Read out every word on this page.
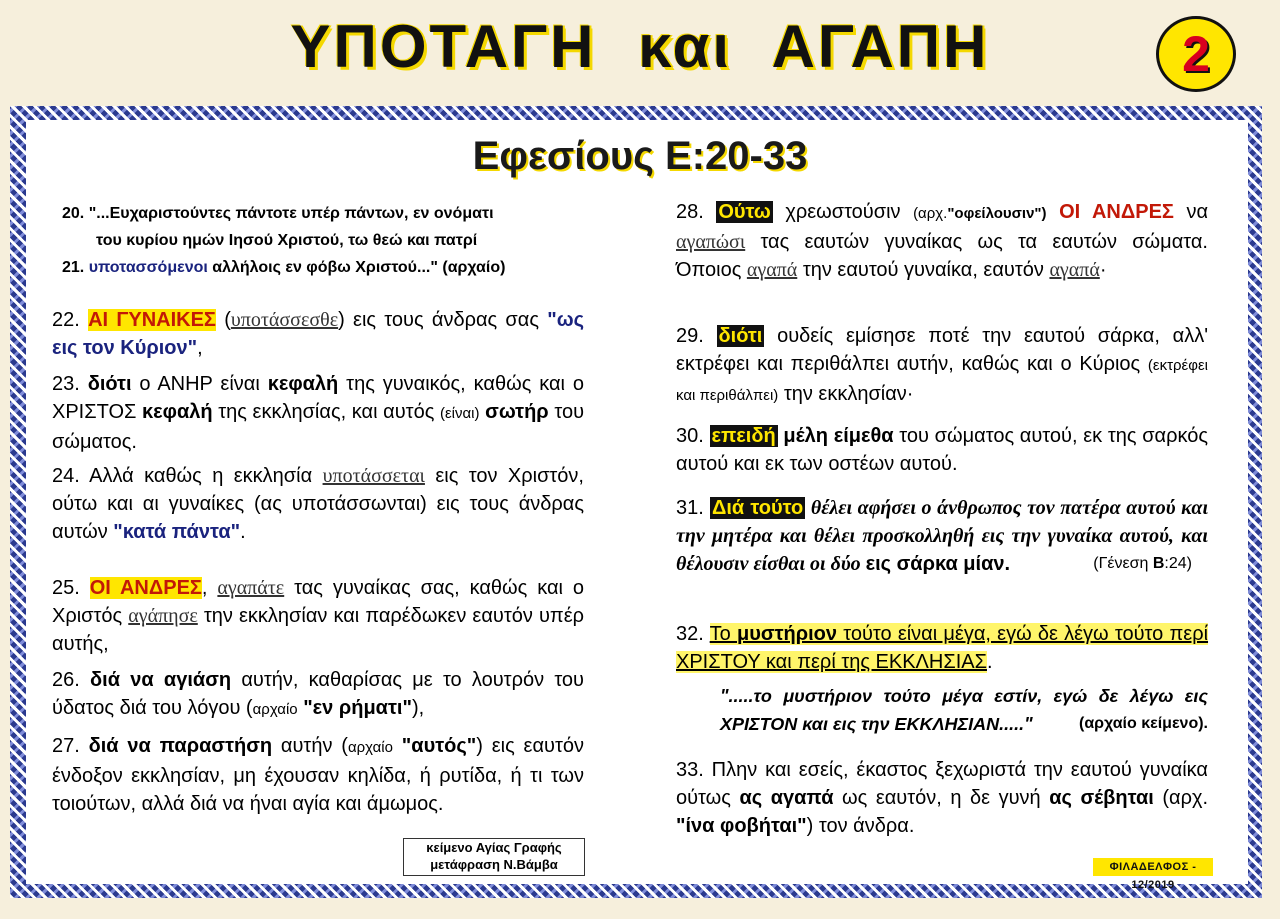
ΥΠΟΤΑΓΗ και ΑΓΑΠΗ	2
Εφεσίους Ε:20-33
20. "...Ευχαριστούντες πάντοτε υπέρ πάντων, εν ονόματι
του κυρίου ημών Ιησού Χριστού, τω θεώ και πατρί
21. υποτασσόμενοι αλλήλοις εν φόβω Χριστού..." (αρχαίο)
22. ΑΙ ΓΥΝΑΙΚΕΣ (υποτάσσεσθε) εις τους άνδρας σας "ως εις τον Κύριον",
23. διότι ο ΑΝΗΡ είναι κεφαλή της γυναικός, καθώς και ο ΧΡΙΣΤΟΣ κεφαλή της εκκλησίας, και αυτός (είναι) σωτήρ του σώματος.
24. Αλλά καθώς η εκκλησία υποτάσσεται εις τον Χριστόν, ούτω και αι γυναίκες (ας υποτάσσωνται) εις τους άνδρας αυτών "κατά πάντα".
25. ΟΙ ΑΝΔΡΕΣ, αγαπάτε τας γυναίκας σας, καθώς και ο Χριστός αγάπησε την εκκλησίαν και παρέδωκεν εαυτόν υπέρ αυτής,
26. διά να αγιάση αυτήν, καθαρίσας με το λουτρόν του ύδατος διά του λόγου (αρχαίο "εν ρήματι"),
27. διά να παραστήση αυτήν (αρχαίο "αυτός") εις εαυτόν ένδοξον εκκλησίαν, μη έχουσαν κηλίδα, ή ρυτίδα, ή τι των τοιούτων, αλλά διά να ήναι αγία και άμωμος.
κείμενο Αγίας Γραφής
μετάφραση Ν.Βάμβα
28. Ούτω χρεωστούσιν (αρχ."οφείλουσιν") ΟΙ ΑΝΔΡΕΣ να αγαπώσι τας εαυτών γυναίκας ως τα εαυτών σώματα. Όποιος αγαπά την εαυτού γυναίκα, εαυτόν αγαπά·
29. διότι ουδείς εμίσησε ποτέ την εαυτού σάρκα, αλλ' εκτρέφει και περιθάλπει αυτήν, καθώς και ο Κύριος (εκτρέφει και περιθάλπει) την εκκλησίαν·
30. επειδή μέλη είμεθα του σώματος αυτού, εκ της σαρκός αυτού και εκ των οστέων αυτού.
31. Διά τούτο θέλει αφήσει ο άνθρωπος τον πατέρα αυτού και την μητέρα και θέλει προσκολληθή εις την γυναίκα αυτού, και θέλουσιν είσθαι οι δύο εις σάρκα μίαν.	(Γένεση Β:24)
32. Το μυστήριον τούτο είναι μέγα, εγώ δε λέγω τούτο περί ΧΡΙΣΤΟΥ και περί της ΕΚΚΛΗΣΙΑΣ.
".....το μυστήριον τούτο μέγα εστίν, εγώ δε λέγω εις ΧΡΙΣΤΟΝ και εις την ΕΚΚΛΗΣΙΑΝ....."	(αρχαίο κείμενο).
33. Πλην και εσείς, έκαστος ξεχωριστά την εαυτού γυναίκα ούτως ας αγαπά ως εαυτόν, η δε γυνή ας σέβηται (αρχ. "ίνα φοβήται") τον άνδρα.
ΦΙΛΑΔΕΛΦΟΣ - 12/2019
